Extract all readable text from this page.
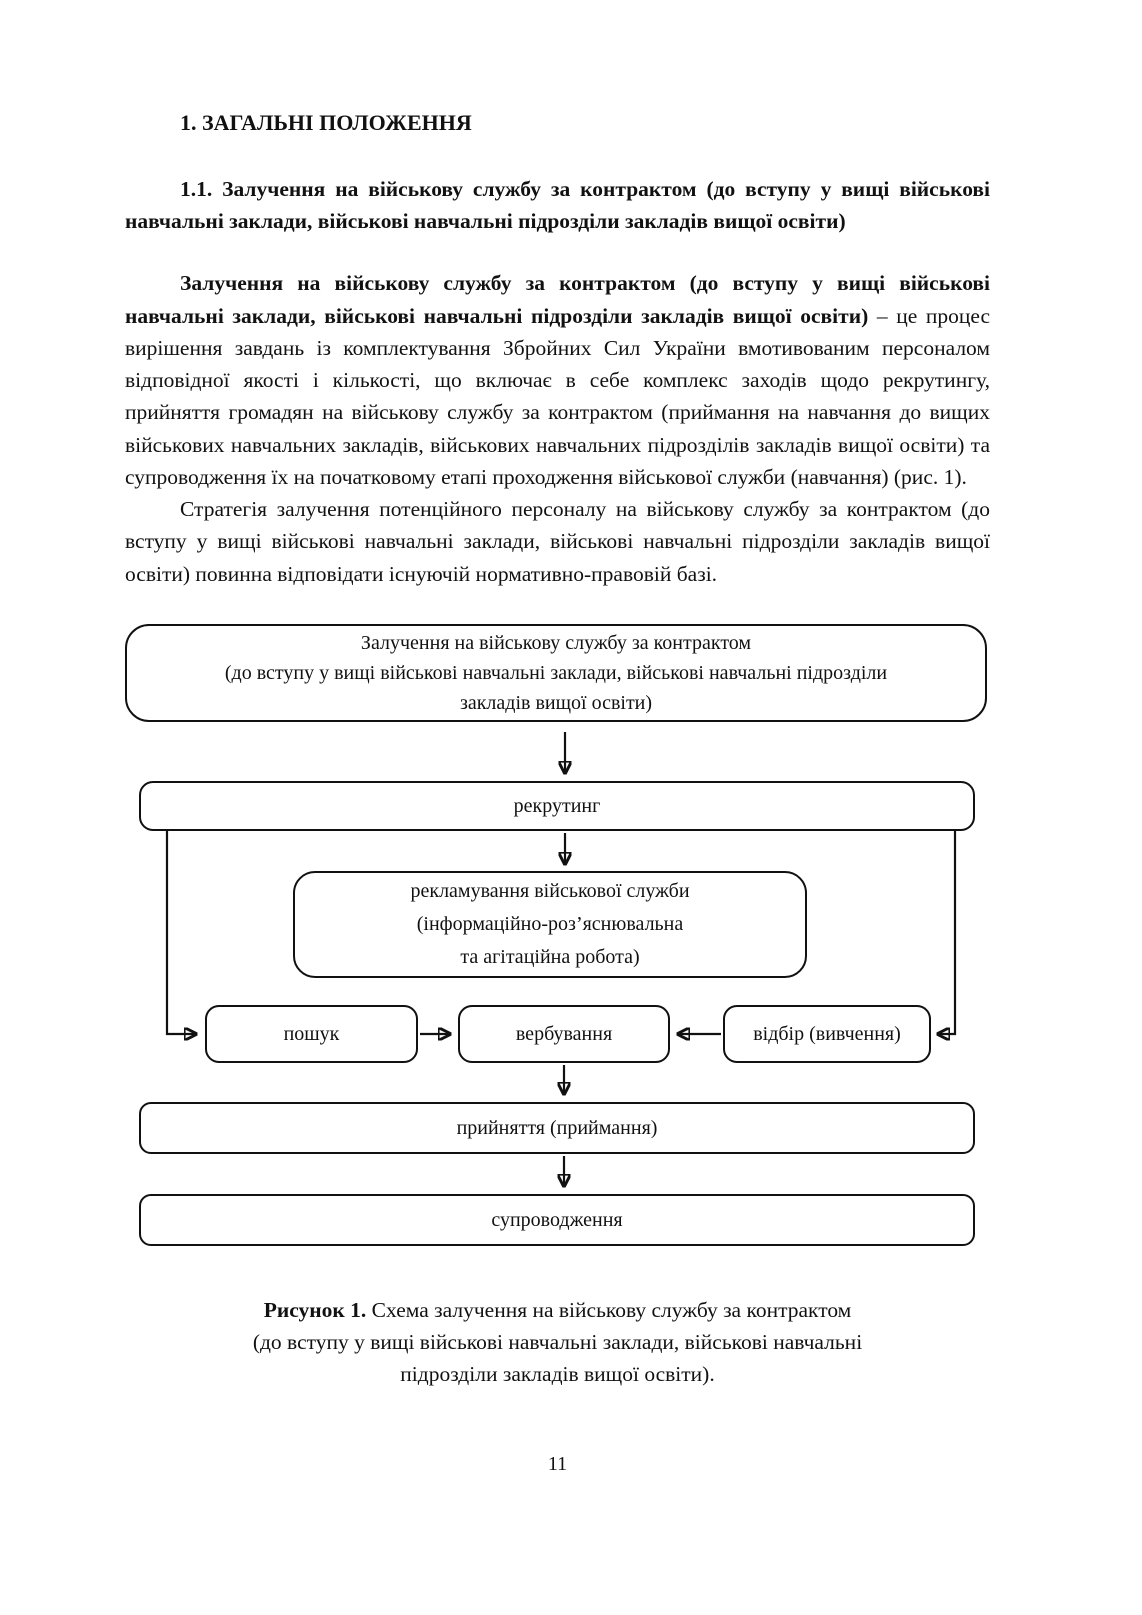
1. ЗАГАЛЬНІ ПОЛОЖЕННЯ
1.1. Залучення на військову службу за контрактом (до вступу у вищі військові навчальні заклади, військові навчальні підрозділи закладів вищої освіти)

Залучення на військову службу за контрактом (до вступу у вищі військові навчальні заклади, військові навчальні підрозділи закладів вищої освіти) – це процес вирішення завдань із комплектування Збройних Сил України вмотивованим персоналом відповідної якості і кількості, що включає в себе комплекс заходів щодо рекрутингу, прийняття громадян на військову службу за контрактом (приймання на навчання до вищих військових навчальних закладів, військових навчальних підрозділів закладів вищої освіти) та супроводження їх на початковому етапі проходження військової служби (навчання) (рис. 1).

Стратегія залучення потенційного персоналу на військову службу за контрактом (до вступу у вищі військові навчальні заклади, військові навчальні підрозділи закладів вищої освіти) повинна відповідати існуючій нормативно-правовій базі.

Залучення на військову службу за контрактом
(до вступу у вищі військові навчальні заклади, військові навчальні підрозділи
закладів вищої освіти)
рекрутинг
рекламування військової служби
(інформаційно-роз’яснювальна
та агітаційна робота)
пошук	вербування	відбір (вивчення)
прийняття (приймання)
супроводження
Рисунок 1. Схема залучення на військову службу за контрактом
(до вступу у вищі військові навчальні заклади, військові навчальні
підрозділи закладів вищої освіти).
11
